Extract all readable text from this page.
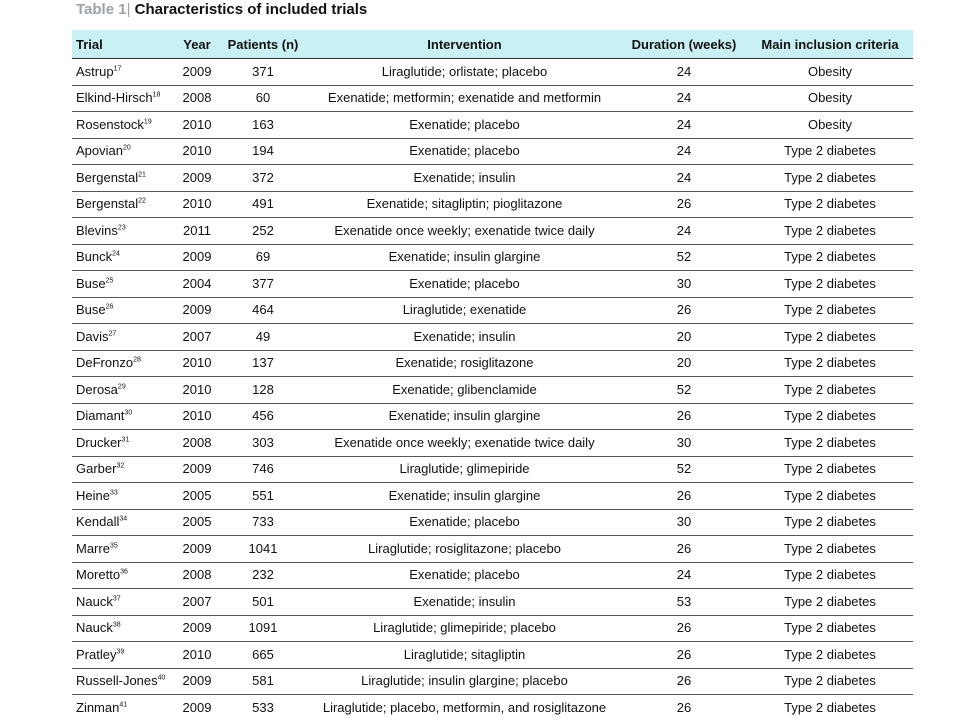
Table 1| Characteristics of included trials
Trial	Year	Patients (n)	Intervention	Duration (weeks)	Main inclusion criteria
Astrup$^{17}$	2009	371	Liraglutide; orlistate; placebo	24	Obesity
Elkind-Hirsch$^{18}$	2008	60	Exenatide; metformin; exenatide and metformin	24	Obesity
Rosenstock$^{19}$	2010	163	Exenatide; placebo	24	Obesity
Apovian$^{20}$	2010	194	Exenatide; placebo	24	Type 2 diabetes
Bergenstal$^{21}$	2009	372	Exenatide; insulin	24	Type 2 diabetes
Bergenstal$^{22}$	2010	491	Exenatide; sitagliptin; pioglitazone	26	Type 2 diabetes
Blevins$^{23}$	2011	252	Exenatide once weekly; exenatide twice daily	24	Type 2 diabetes
Bunck$^{24}$	2009	69	Exenatide; insulin glargine	52	Type 2 diabetes
Buse$^{25}$	2004	377	Exenatide; placebo	30	Type 2 diabetes
Buse$^{26}$	2009	464	Liraglutide; exenatide	26	Type 2 diabetes
Davis$^{27}$	2007	49	Exenatide; insulin	20	Type 2 diabetes
DeFronzo$^{28}$	2010	137	Exenatide; rosiglitazone	20	Type 2 diabetes
Derosa$^{29}$	2010	128	Exenatide; glibenclamide	52	Type 2 diabetes
Diamant$^{30}$	2010	456	Exenatide; insulin glargine	26	Type 2 diabetes
Drucker$^{31}$	2008	303	Exenatide once weekly; exenatide twice daily	30	Type 2 diabetes
Garber$^{32}$	2009	746	Liraglutide; glimepiride	52	Type 2 diabetes
Heine$^{33}$	2005	551	Exenatide; insulin glargine	26	Type 2 diabetes
Kendall$^{34}$	2005	733	Exenatide; placebo	30	Type 2 diabetes
Marre$^{35}$	2009	1041	Liraglutide; rosiglitazone; placebo	26	Type 2 diabetes
Moretto$^{36}$	2008	232	Exenatide; placebo	24	Type 2 diabetes
Nauck$^{37}$	2007	501	Exenatide; insulin	53	Type 2 diabetes
Nauck$^{38}$	2009	1091	Liraglutide; glimepiride; placebo	26	Type 2 diabetes
Pratley$^{39}$	2010	665	Liraglutide; sitagliptin	26	Type 2 diabetes
Russell-Jones$^{40}$	2009	581	Liraglutide; insulin glargine; placebo	26	Type 2 diabetes
Zinman$^{41}$	2009	533	Liraglutide; placebo, metformin, and rosiglitazone	26	Type 2 diabetes
